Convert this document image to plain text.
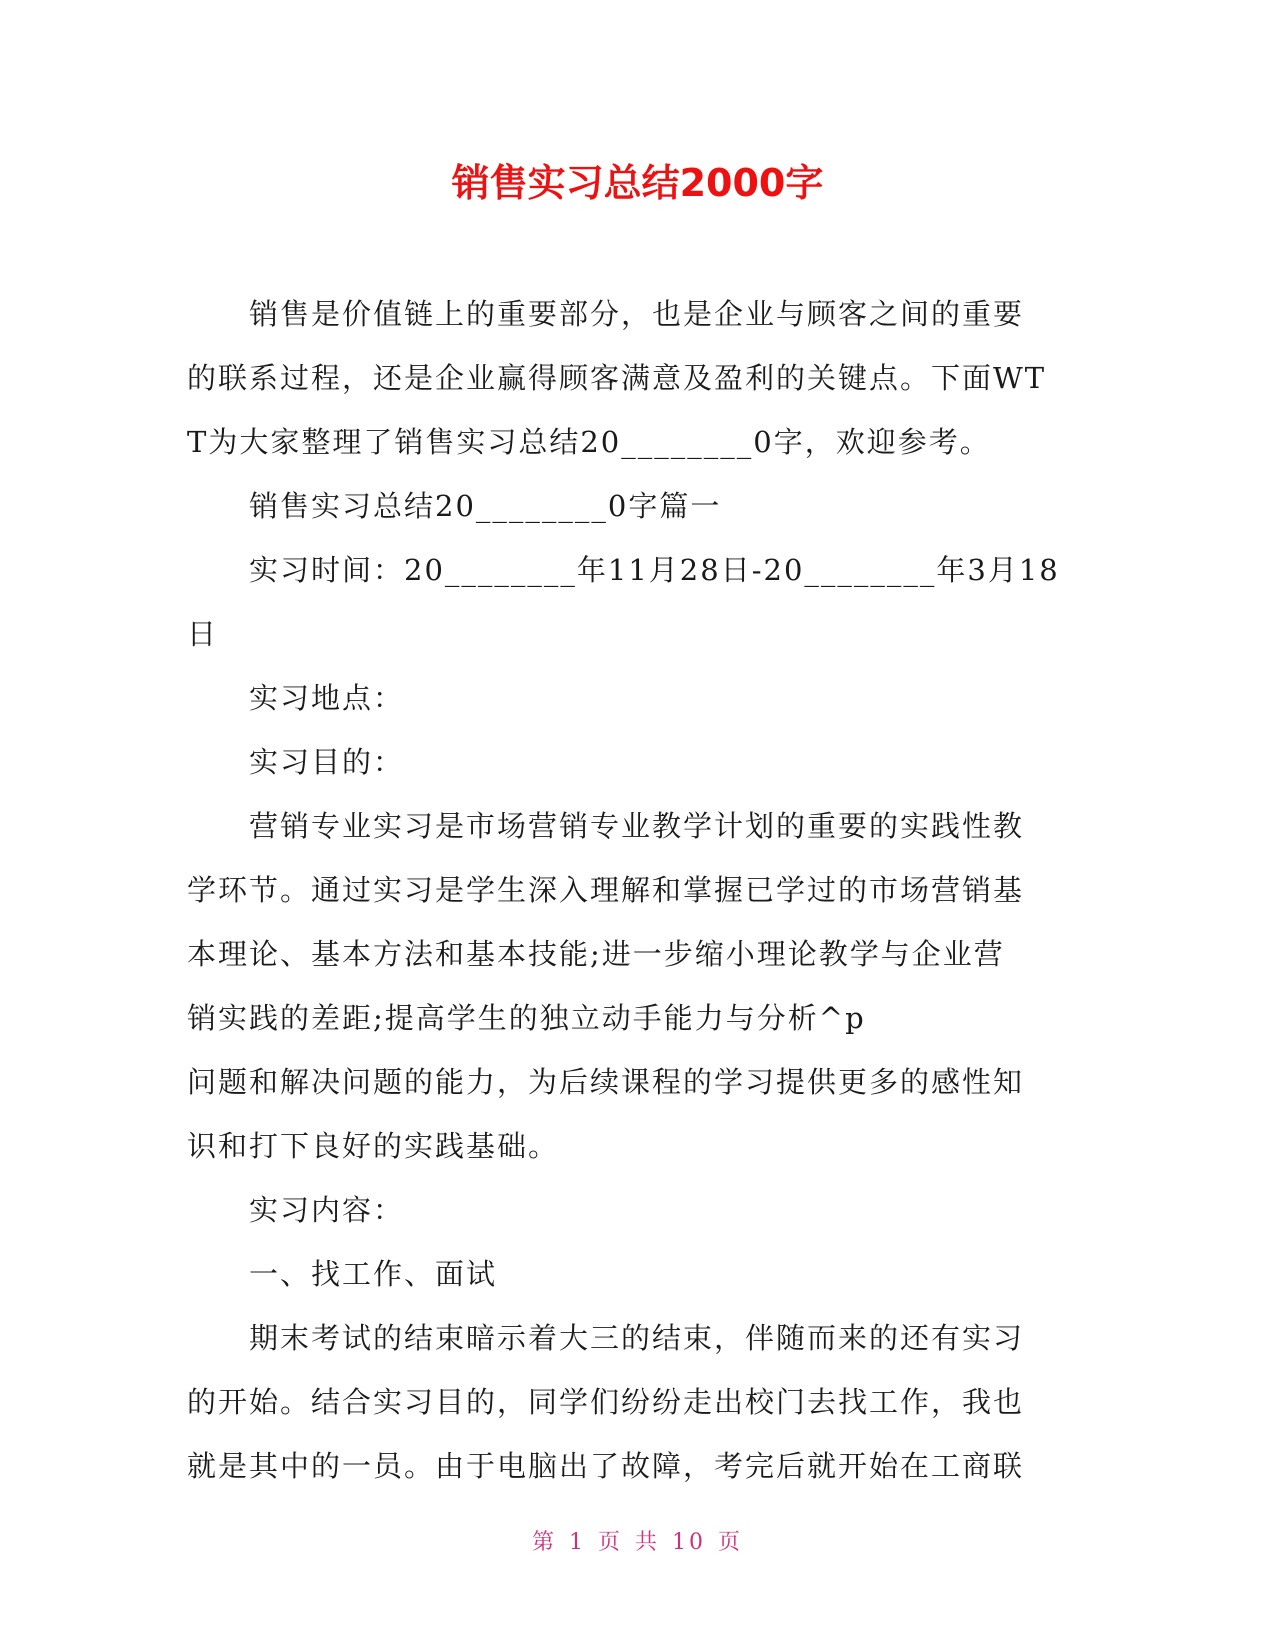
销售实习总结2000字

销售是价值链上的重要部分，也是企业与顾客之间的重要

的联系过程，还是企业赢得顾客满意及盈利的关键点。下面WT

T为大家整理了销售实习总结20________0字，欢迎参考。

销售实习总结20________0字篇一

实习时间：20________年11月28日-20________年3月18日

实习地点：

实习目的：

营销专业实习是市场营销专业教学计划的重要的实践性教

学环节。通过实习是学生深入理解和掌握已学过的市场营销基

本理论、基本方法和基本技能;进一步缩小理论教学与企业营

销实践的差距;提高学生的独立动手能力与分析^p

问题和解决问题的能力，为后续课程的学习提供更多的感性知

识和打下良好的实践基础。

实习内容：

一、找工作、面试

期末考试的结束暗示着大三的结束，伴随而来的还有实习

的开始。结合实习目的，同学们纷纷走出校门去找工作，我也

就是其中的一员。由于电脑出了故障，考完后就开始在工商联

第 1 页 共 10 页
